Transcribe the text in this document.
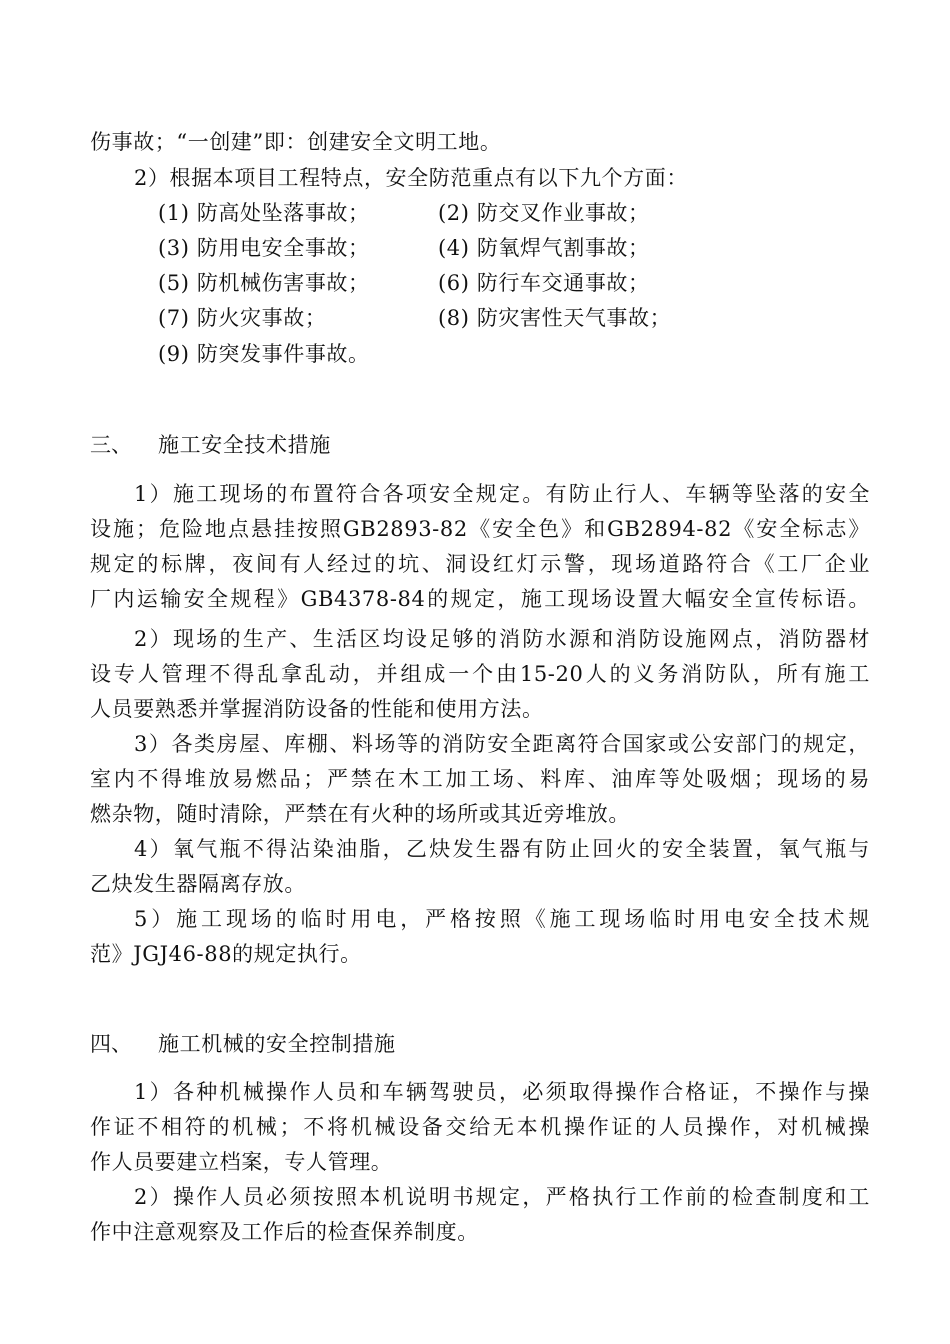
伤事故；“一创建”即：创建安全文明工地。
2）根据本项目工程特点，安全防范重点有以下九个方面：
(1) 防高处坠落事故；	(2) 防交叉作业事故；
(3) 防用电安全事故；	(4) 防氧焊气割事故；
(5) 防机械伤害事故；	(6) 防行车交通事故；
(7) 防火灾事故；	(8) 防灾害性天气事故；
(9) 防突发事件事故。
三、 施工安全技术措施
1）施工现场的布置符合各项安全规定。有防止行人、车辆等坠落的安全
设施；危险地点悬挂按照GB2893-82《安全色》和GB2894-82《安全标志》
规定的标牌，夜间有人经过的坑、洞设红灯示警，现场道路符合《工厂企业
厂内运输安全规程》GB4378-84的规定，施工现场设置大幅安全宣传标语。
2）现场的生产、生活区均设足够的消防水源和消防设施网点，消防器材
设专人管理不得乱拿乱动，并组成一个由15-20人的义务消防队，所有施工
人员要熟悉并掌握消防设备的性能和使用方法。
3）各类房屋、库棚、料场等的消防安全距离符合国家或公安部门的规定，
室内不得堆放易燃品；严禁在木工加工场、料库、油库等处吸烟；现场的易
燃杂物，随时清除，严禁在有火种的场所或其近旁堆放。
4）氧气瓶不得沾染油脂，乙炔发生器有防止回火的安全装置，氧气瓶与
乙炔发生器隔离存放。
5）施工现场的临时用电，严格按照《施工现场临时用电安全技术规
范》JGJ46-88的规定执行。
四、 施工机械的安全控制措施
1）各种机械操作人员和车辆驾驶员，必须取得操作合格证，不操作与操
作证不相符的机械；不将机械设备交给无本机操作证的人员操作，对机械操
作人员要建立档案，专人管理。
2）操作人员必须按照本机说明书规定，严格执行工作前的检查制度和工
作中注意观察及工作后的检查保养制度。
